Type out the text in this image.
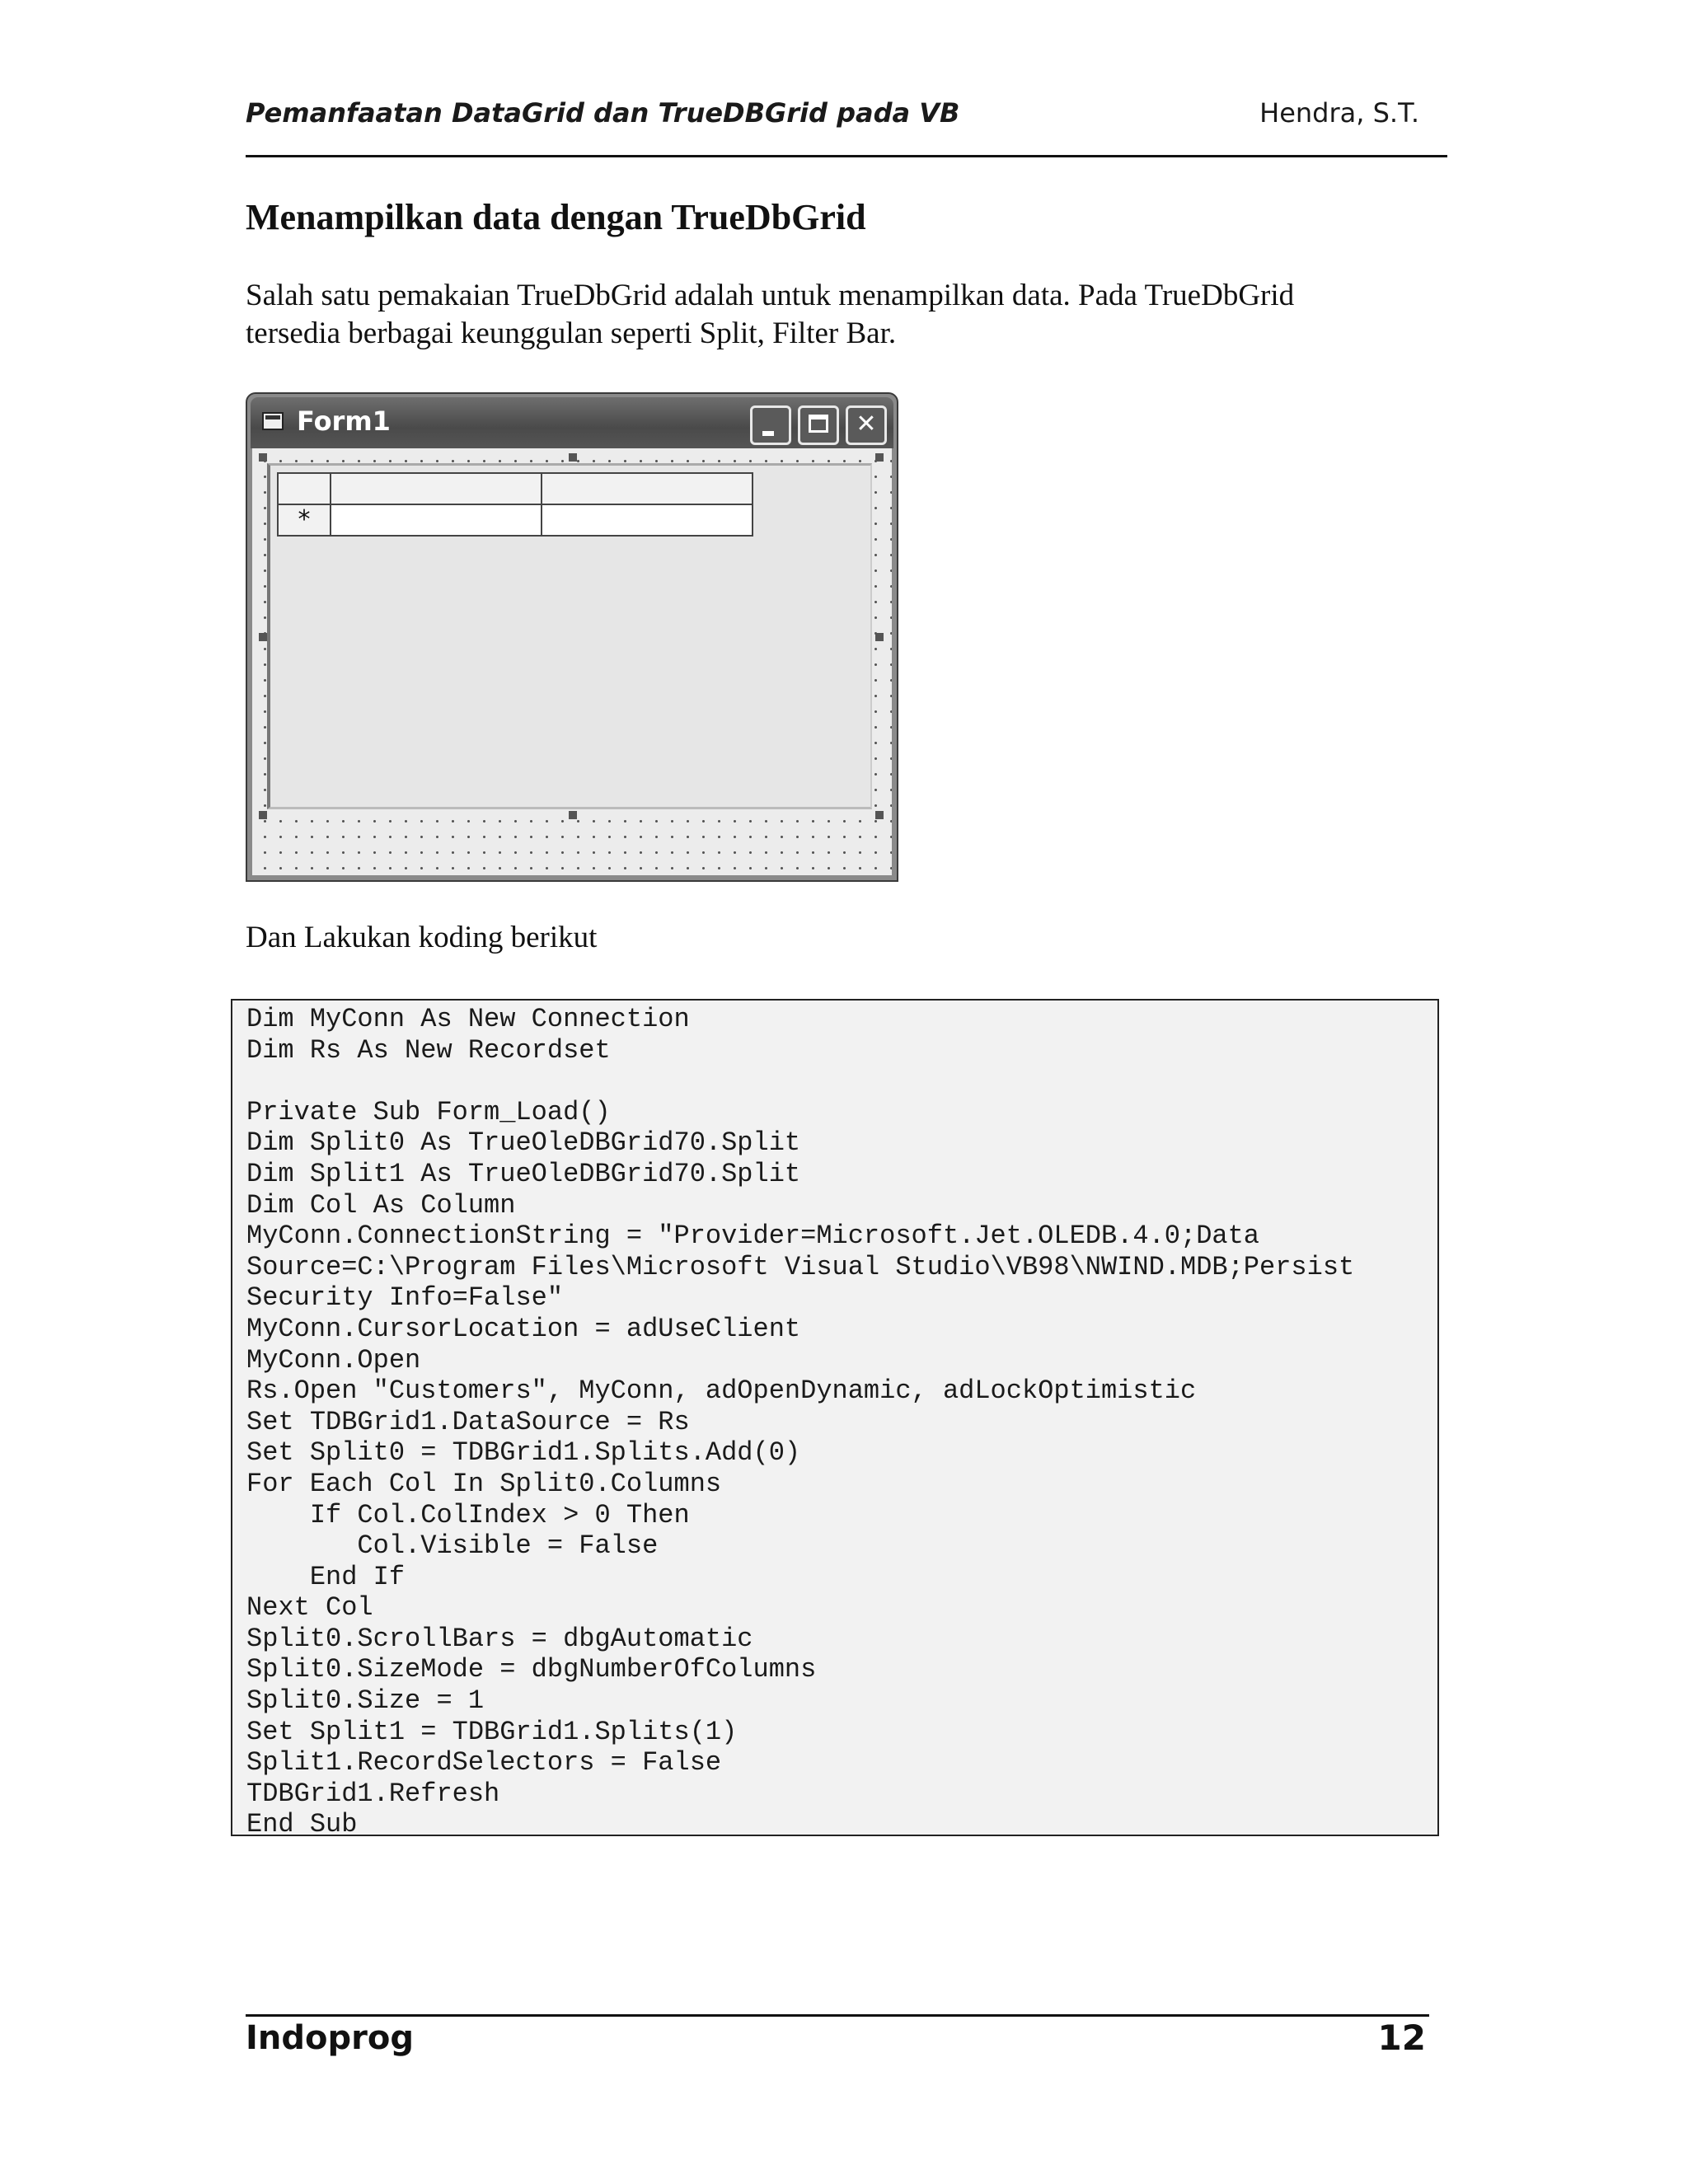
Pemanfaatan DataGrid dan TrueDBGrid pada VB	Hendra, S.T.
Menampilkan data dengan TrueDbGrid
Salah satu pemakaian TrueDbGrid adalah untuk menampilkan data. Pada TrueDbGrid
tersedia berbagai keunggulan seperti Split, Filter Bar.
Form1	✕

*		
Dan Lakukan koding berikut
Dim MyConn As New Connection
Dim Rs As New Recordset
Private Sub Form_Load()
Dim Split0 As TrueOleDBGrid70.Split
Dim Split1 As TrueOleDBGrid70.Split
Dim Col As Column
MyConn.ConnectionString = "Provider=Microsoft.Jet.OLEDB.4.0;Data
Source=C:\Program Files\Microsoft Visual Studio\VB98\NWIND.MDB;Persist
Security Info=False"
MyConn.CursorLocation = adUseClient
MyConn.Open
Rs.Open "Customers", MyConn, adOpenDynamic, adLockOptimistic
Set TDBGrid1.DataSource = Rs
Set Split0 = TDBGrid1.Splits.Add(0)
For Each Col In Split0.Columns
If Col.ColIndex > 0 Then
Col.Visible = False
End If
Next Col
Split0.ScrollBars = dbgAutomatic
Split0.SizeMode = dbgNumberOfColumns
Split0.Size = 1
Set Split1 = TDBGrid1.Splits(1)
Split1.RecordSelectors = False
TDBGrid1.Refresh
End Sub
Indoprog	12
